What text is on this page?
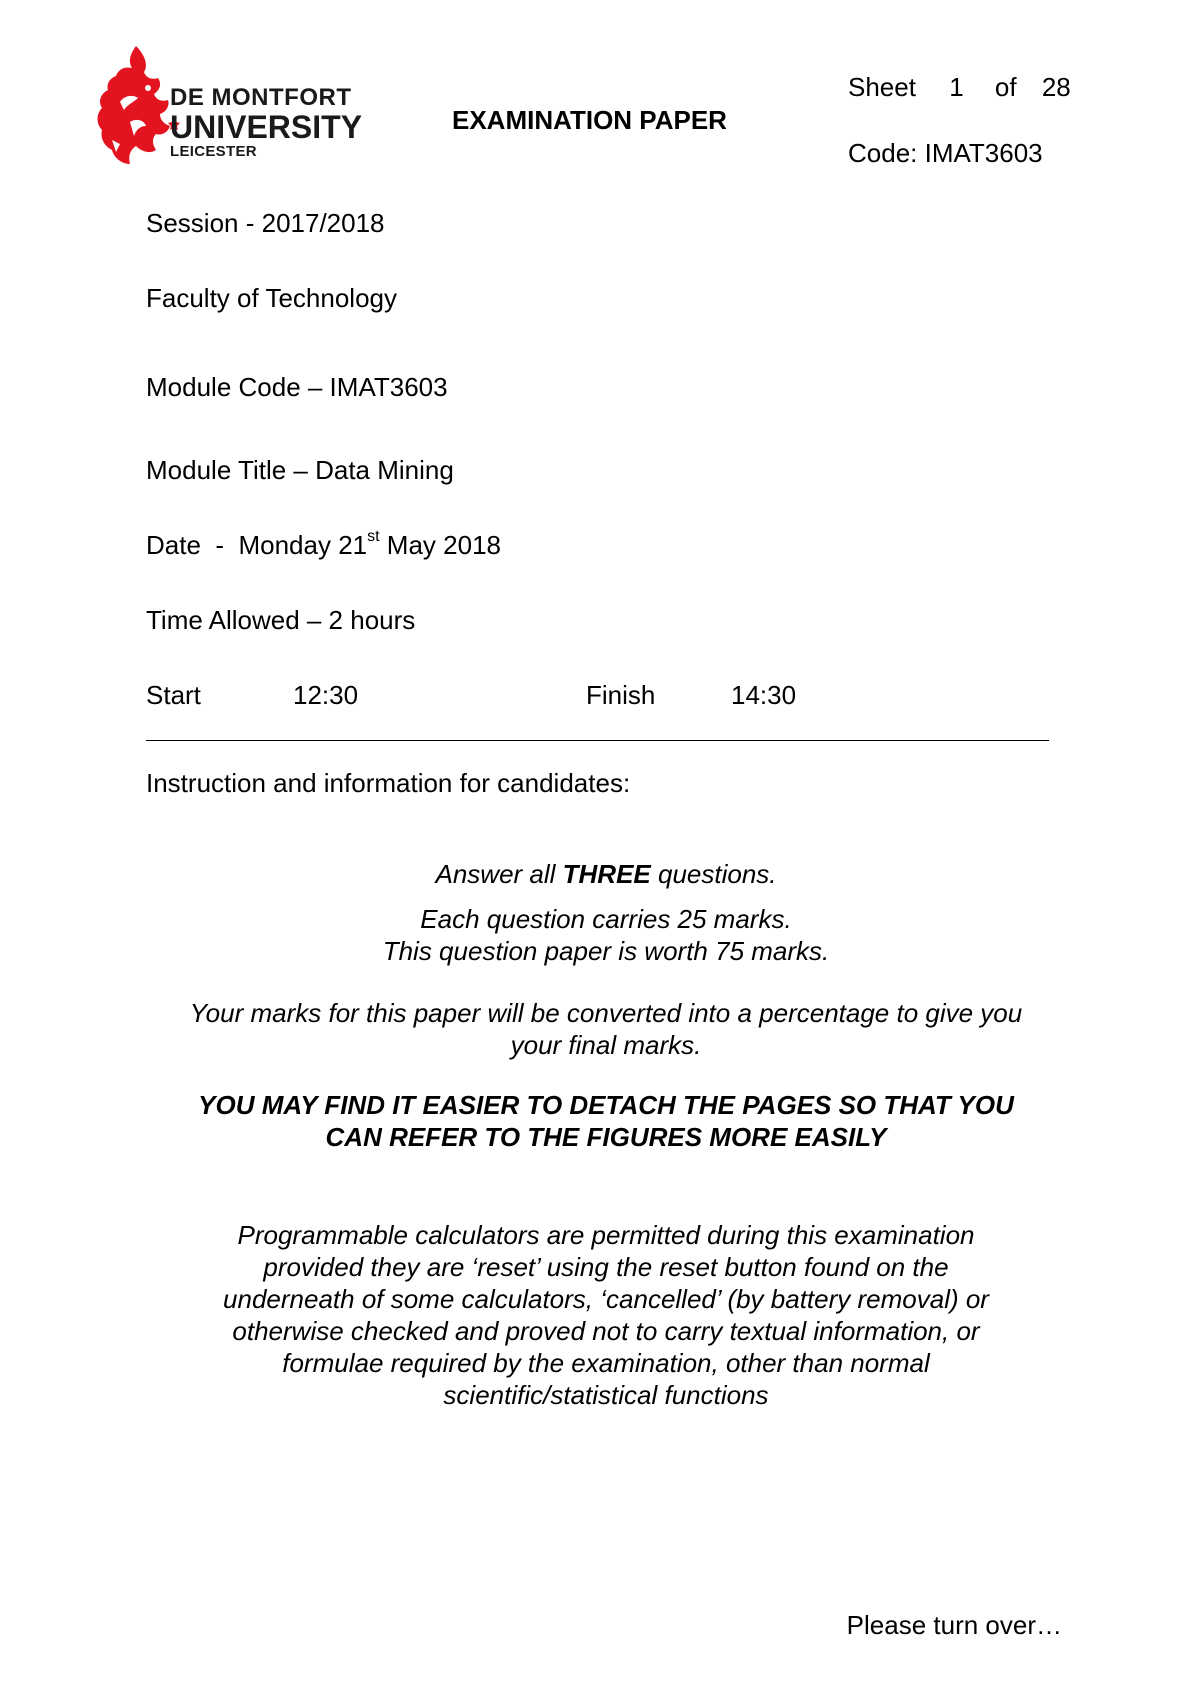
DE MONTFORT
UNIVERSITY
LEICESTER
EXAMINATION PAPER
Sheet 1 of 28
Code: IMAT3603
Session - 2017/2018
Faculty of Technology
Module Code – IMAT3603
Module Title – Data Mining
Date  -  Monday 21st May 2018
Time Allowed – 2 hours
Start	12:30	Finish	14:30
Instruction and information for candidates:
Answer all THREE questions.
Each question carries 25 marks.
This question paper is worth 75 marks.
Your marks for this paper will be converted into a percentage to give you
your final marks.
YOU MAY FIND IT EASIER TO DETACH THE PAGES SO THAT YOU
CAN REFER TO THE FIGURES MORE EASILY
Programmable calculators are permitted during this examination
provided they are ‘reset’ using the reset button found on the
underneath of some calculators, ‘cancelled’ (by battery removal) or
otherwise checked and proved not to carry textual information, or
formulae required by the examination, other than normal
scientific/statistical functions
Please turn over…
